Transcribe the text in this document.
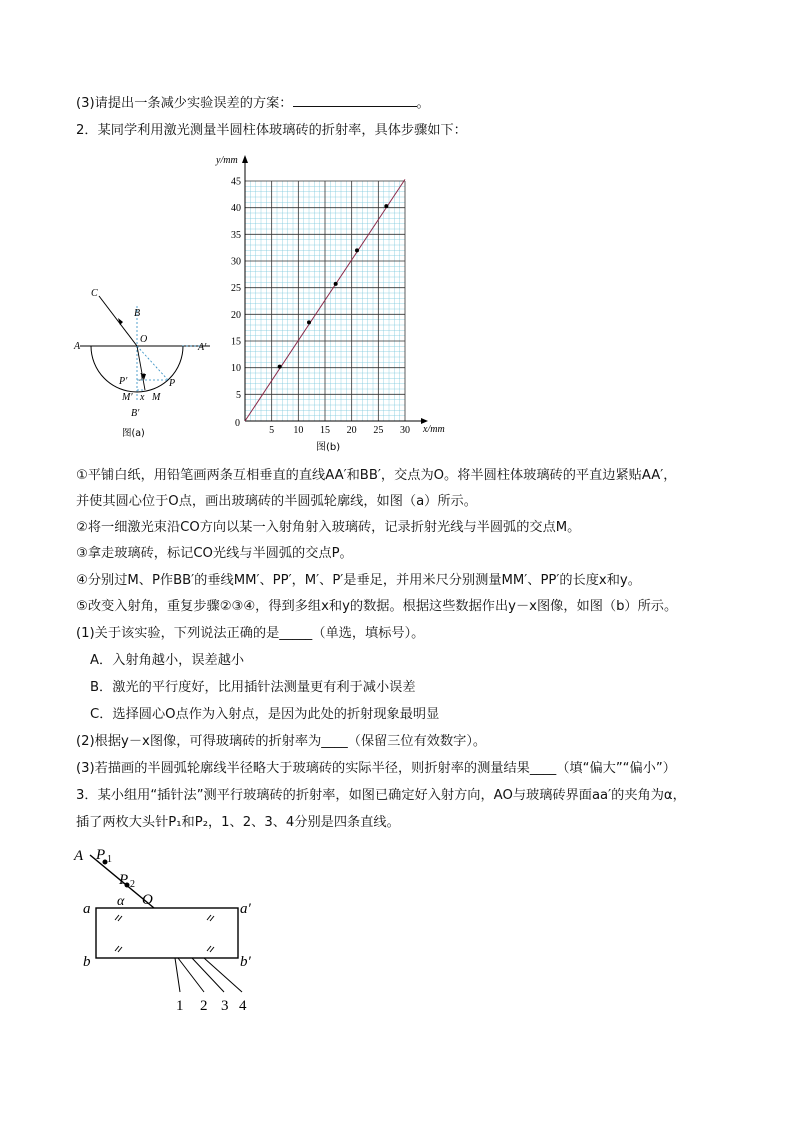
(3)请提出一条减少实验误差的方案：	。
2．某同学利用激光测量半圆柱体玻璃砖的折射率，具体步骤如下：
C
B
O
A	A′
P′
y
P
M′ x M
B′
图(a)	5 10 15 20 25 30
5
10
15
20
25
30
35
40
45
y/mm
x/mm
0
图(b)
①平铺白纸，用铅笔画两条互相垂直的直线AA′和BB′，交点为O。将半圆柱体玻璃砖的平直边紧贴AA′，
并使其圆心位于O点，画出玻璃砖的半圆弧轮廓线，如图（a）所示。
②将一细激光束沿CO方向以某一入射角射入玻璃砖，记录折射光线与半圆弧的交点M。
③拿走玻璃砖，标记CO光线与半圆弧的交点P。
④分别过M、P作BB′的垂线MM′、PP′，M′、P′是垂足，并用米尺分别测量MM′、PP′的长度x和y。
⑤改变入射角，重复步骤②③④，得到多组x和y的数据。根据这些数据作出y－x图像，如图（b）所示。
(1)关于该实验，下列说法正确的是_____（单选，填标号）。
A．入射角越小，误差越小
B．激光的平行度好，比用插针法测量更有利于减小误差
C．选择圆心O点作为入射点，是因为此处的折射现象最明显
(2)根据y－x图像，可得玻璃砖的折射率为____（保留三位有效数字）。
(3)若描画的半圆弧轮廓线半径略大于玻璃砖的实际半径，则折射率的测量结果____（填“偏大”“偏小”）
3．某小组用“插针法”测平行玻璃砖的折射率，如图已确定好入射方向，AO与玻璃砖界面aa′的夹角为α，
插了两枚大头针P₁和P₂，1、2、3、4分别是四条直线。
A P 1
P 2
α O
a	a′
b	b′
1 2 3 4
